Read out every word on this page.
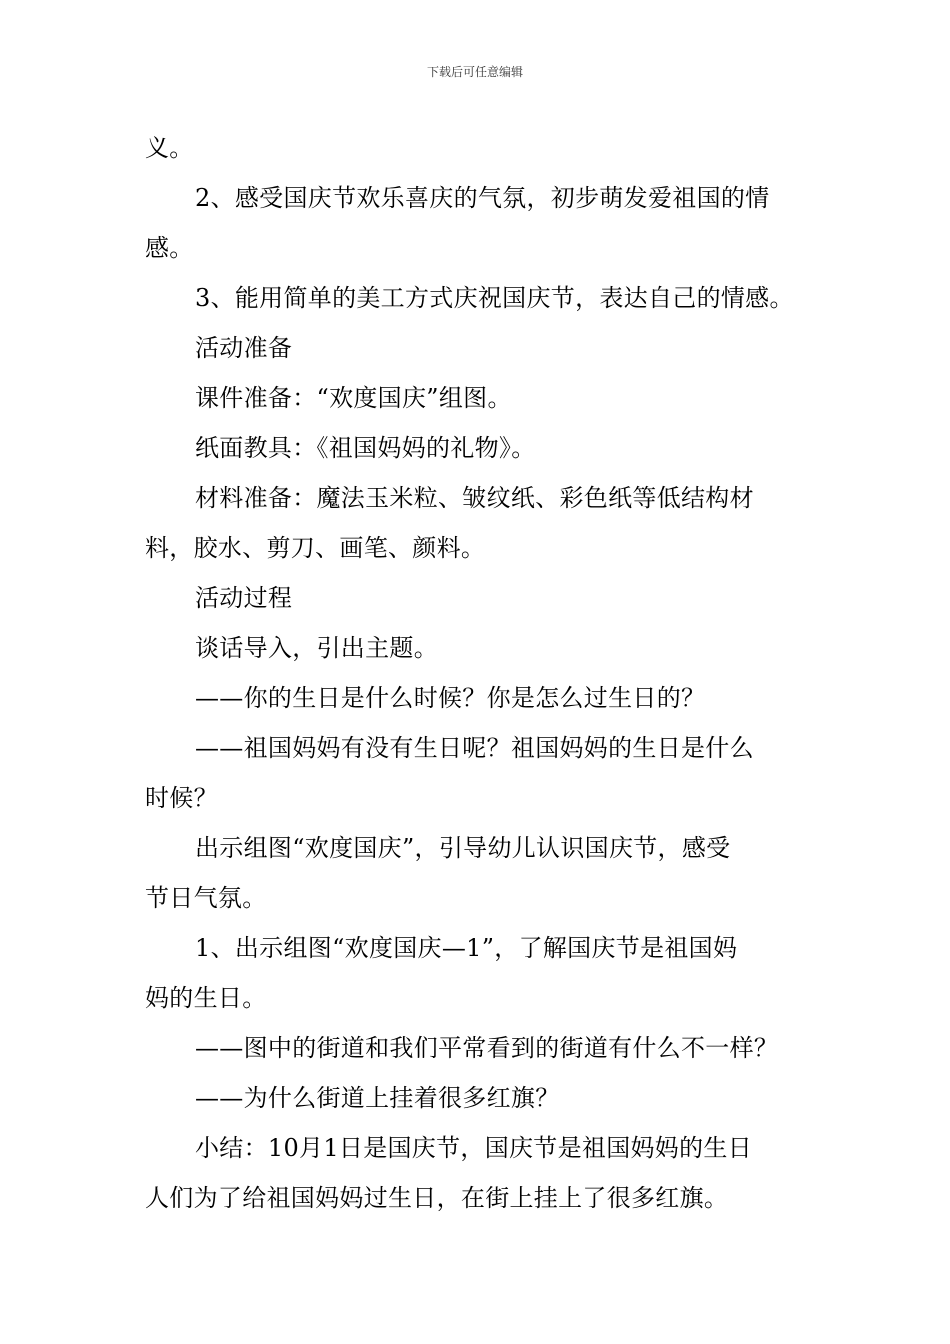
下载后可任意编辑
义。
2、感受国庆节欢乐喜庆的气氛，初步萌发爱祖国的情
感。
3、能用简单的美工方式庆祝国庆节，表达自己的情感。
活动准备
课件准备：“欢度国庆”组图。
纸面教具：《祖国妈妈的礼物》。
材料准备：魔法玉米粒、皱纹纸、彩色纸等低结构材
料，胶水、剪刀、画笔、颜料。
活动过程
谈话导入，引出主题。
——你的生日是什么时候？你是怎么过生日的？
——祖国妈妈有没有生日呢？祖国妈妈的生日是什么
时候？
出示组图“欢度国庆”，引导幼儿认识国庆节，感受
节日气氛。
1、出示组图“欢度国庆—1”，了解国庆节是祖国妈
妈的生日。
——图中的街道和我们平常看到的街道有什么不一样？
——为什么街道上挂着很多红旗？
小结：10月1日是国庆节，国庆节是祖国妈妈的生日
人们为了给祖国妈妈过生日，在街上挂上了很多红旗。
